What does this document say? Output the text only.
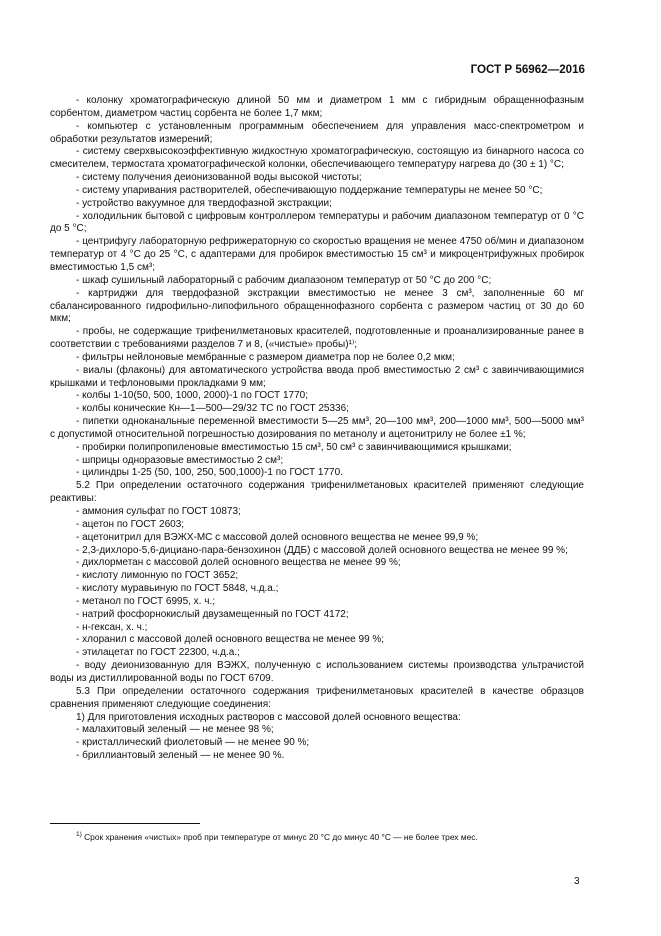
ГОСТ Р 56962—2016

- колонку хроматографическую длиной 50 мм и диаметром 1 мм с гибридным обращеннофазным сорбентом, диаметром частиц сорбента не более 1,7 мкм;

- компьютер с установленным программным обеспечением для управления масс-спектрометром и обработки результатов измерений;

- систему сверхвысокоэффективную жидкостную хроматографическую, состоящую из бинарного насоса со смесителем, термостата хроматографической колонки, обеспечивающего температуру нагрева до (30 ± 1) °С;

- систему получения деионизованной воды высокой чистоты;

- систему упаривания растворителей, обеспечивающую поддержание температуры не менее 50 °С;

- устройство вакуумное для твердофазной экстракции;

- холодильник бытовой с цифровым контроллером температуры и рабочим диапазоном температур от 0 °С до 5 °С;

- центрифугу лабораторную рефрижераторную со скоростью вращения не менее 4750 об/мин и диапазоном температур от 4 °С до 25 °С, с адаптерами для пробирок вместимостью 15 см³ и микроцентрифужных пробирок вместимостью 1,5 см³;

- шкаф сушильный лабораторный с рабочим диапазоном температур от 50 °С до 200 °С;

- картриджи для твердофазной экстракции вместимостью не менее 3 см³, заполненные 60 мг сбалансированного гидрофильно-липофильного обращеннофазного сорбента с размером частиц от 30 до 60 мкм;

- пробы, не содержащие трифенилметановых красителей, подготовленные и проанализированные ранее в соответствии с требованиями разделов 7 и 8, («чистые» пробы)¹⁾;

- фильтры нейлоновые мембранные с размером диаметра пор не более 0,2 мкм;

- виалы (флаконы) для автоматического устройства ввода проб вместимостью 2 см³ с завинчивающимися крышками и тефлоновыми прокладками 9 мм;

- колбы 1-10(50, 500, 1000, 2000)-1 по ГОСТ 1770;

- колбы конические Кн—1—500—29/32 ТС по ГОСТ 25336;

- пипетки одноканальные переменной вместимости 5—25 мм³, 20—100 мм³, 200—1000 мм³, 500—5000 мм³ с допустимой относительной погрешностью дозирования по метанолу и ацетонитрилу не более ±1 %;

- пробирки полипропиленовые вместимостью 15 см³, 50 см³ с завинчивающимися крышками;

- шприцы одноразовые вместимостью 2 см³;

- цилиндры 1-25 (50, 100, 250, 500,1000)-1 по ГОСТ 1770.

5.2 При определении остаточного содержания трифенилметановых красителей применяют следующие реактивы:

- аммония сульфат по ГОСТ 10873;

- ацетон по ГОСТ 2603;

- ацетонитрил для ВЭЖХ-МС с массовой долей основного вещества не менее 99,9 %;

- 2,3-дихлоро-5,6-дициано-пара-бензохинон (ДДБ) с массовой долей основного вещества не менее 99 %;

- дихлорметан с массовой долей основного вещества не менее 99 %;

- кислоту лимонную по ГОСТ 3652;

- кислоту муравьиную по ГОСТ 5848, ч.д.а.;

- метанол по ГОСТ 6995, х. ч.;

- натрий фосфорнокислый двузамещенный по ГОСТ 4172;

- н-гексан, х. ч.;

- хлоранил с массовой долей основного вещества не менее 99 %;

- этилацетат по ГОСТ 22300, ч.д.а.;

- воду деионизованную для ВЭЖХ, полученную с использованием системы производства ультрачистой воды из дистиллированной воды по ГОСТ 6709.

5.3 При определении остаточного содержания трифенилметановых красителей в качестве образцов сравнения применяют следующие соединения:

1) Для приготовления исходных растворов с массовой долей основного вещества:

- малахитовый зеленый — не менее 98 %;

- кристаллический фиолетовый — не менее 90 %;

- бриллиантовый зеленый — не менее 90 %.

$^{1)}$ Срок хранения «чистых» проб при температуре от минус 20 °С до минус 40 °С — не более трех мес.
3
